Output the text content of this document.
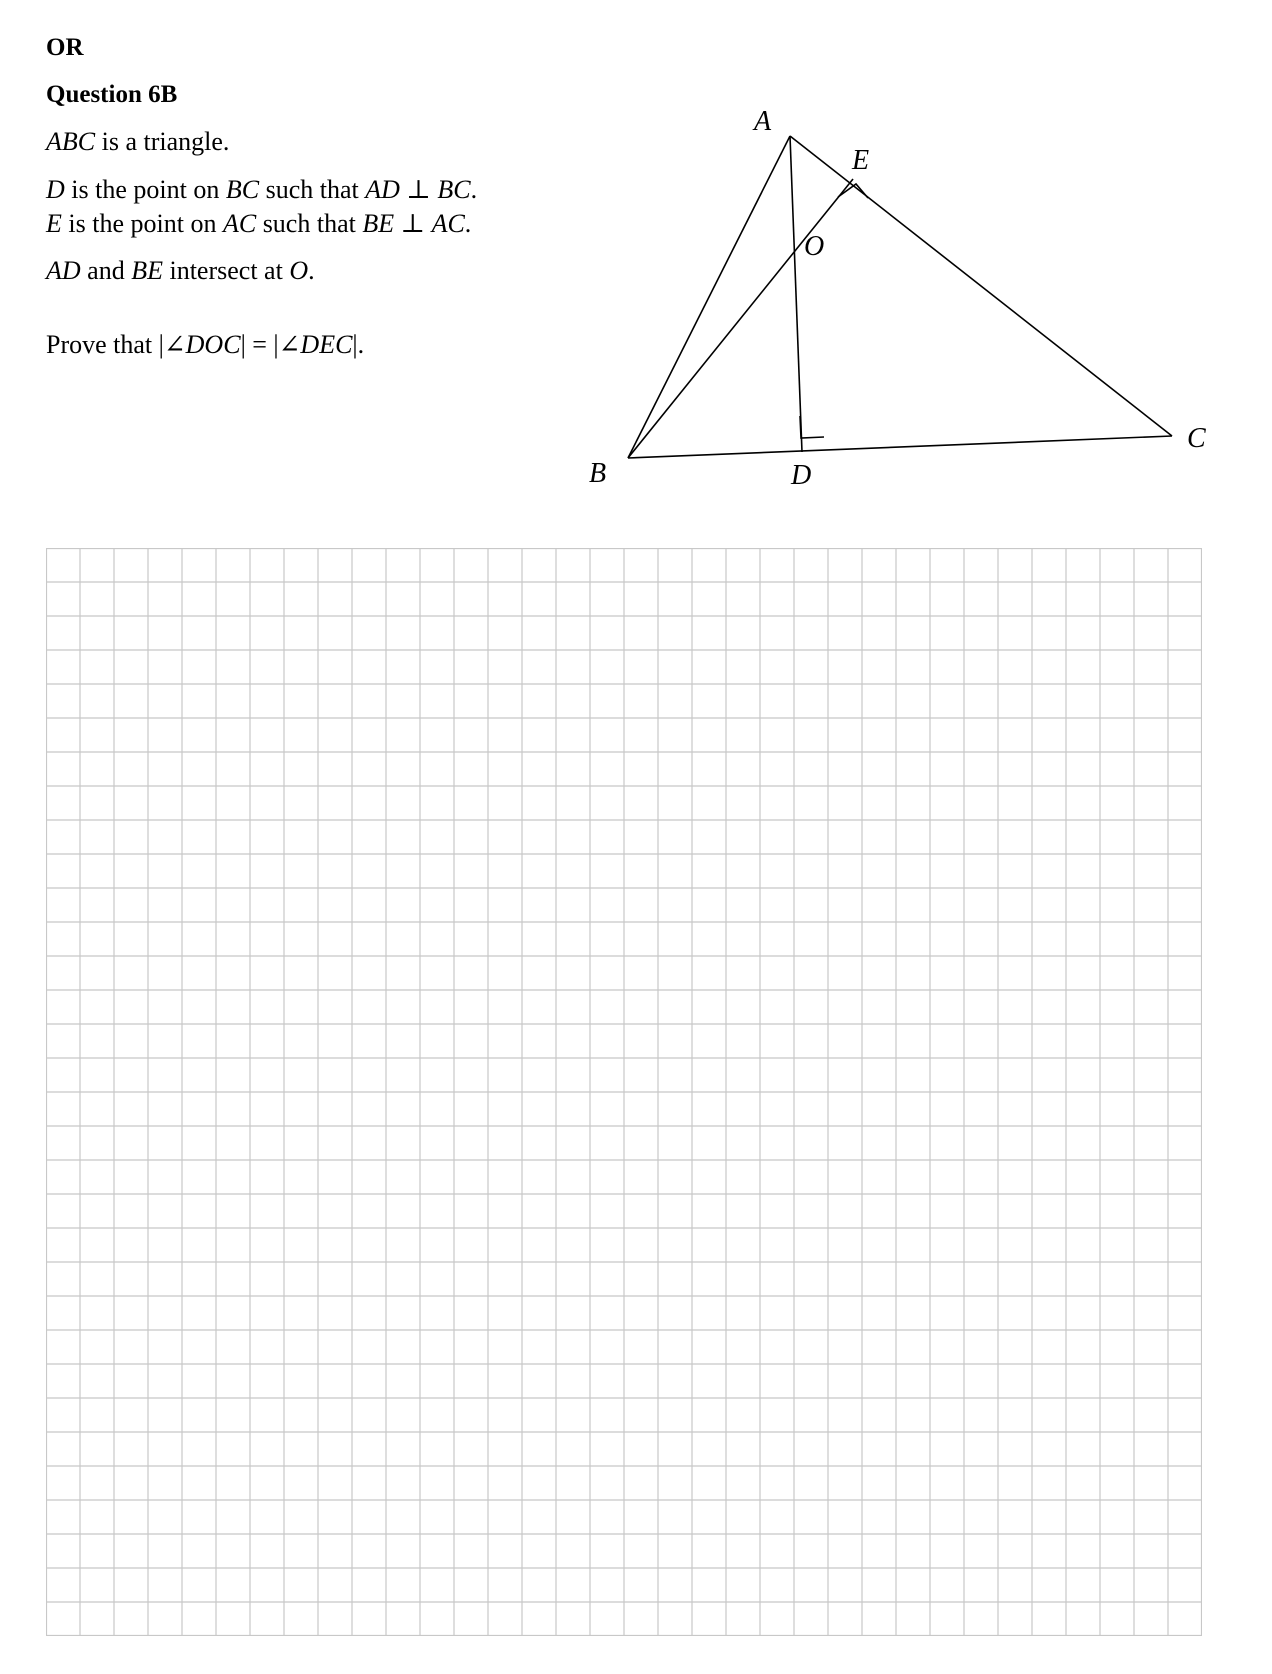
OR
Question 6B
ABC is a triangle.
D is the point on BC such that AD ⊥ BC.
E is the point on AC such that BE ⊥ AC.
AD and BE intersect at O.
Prove that |∠DOC| = |∠DEC|.
A
B
C
D
E
O
